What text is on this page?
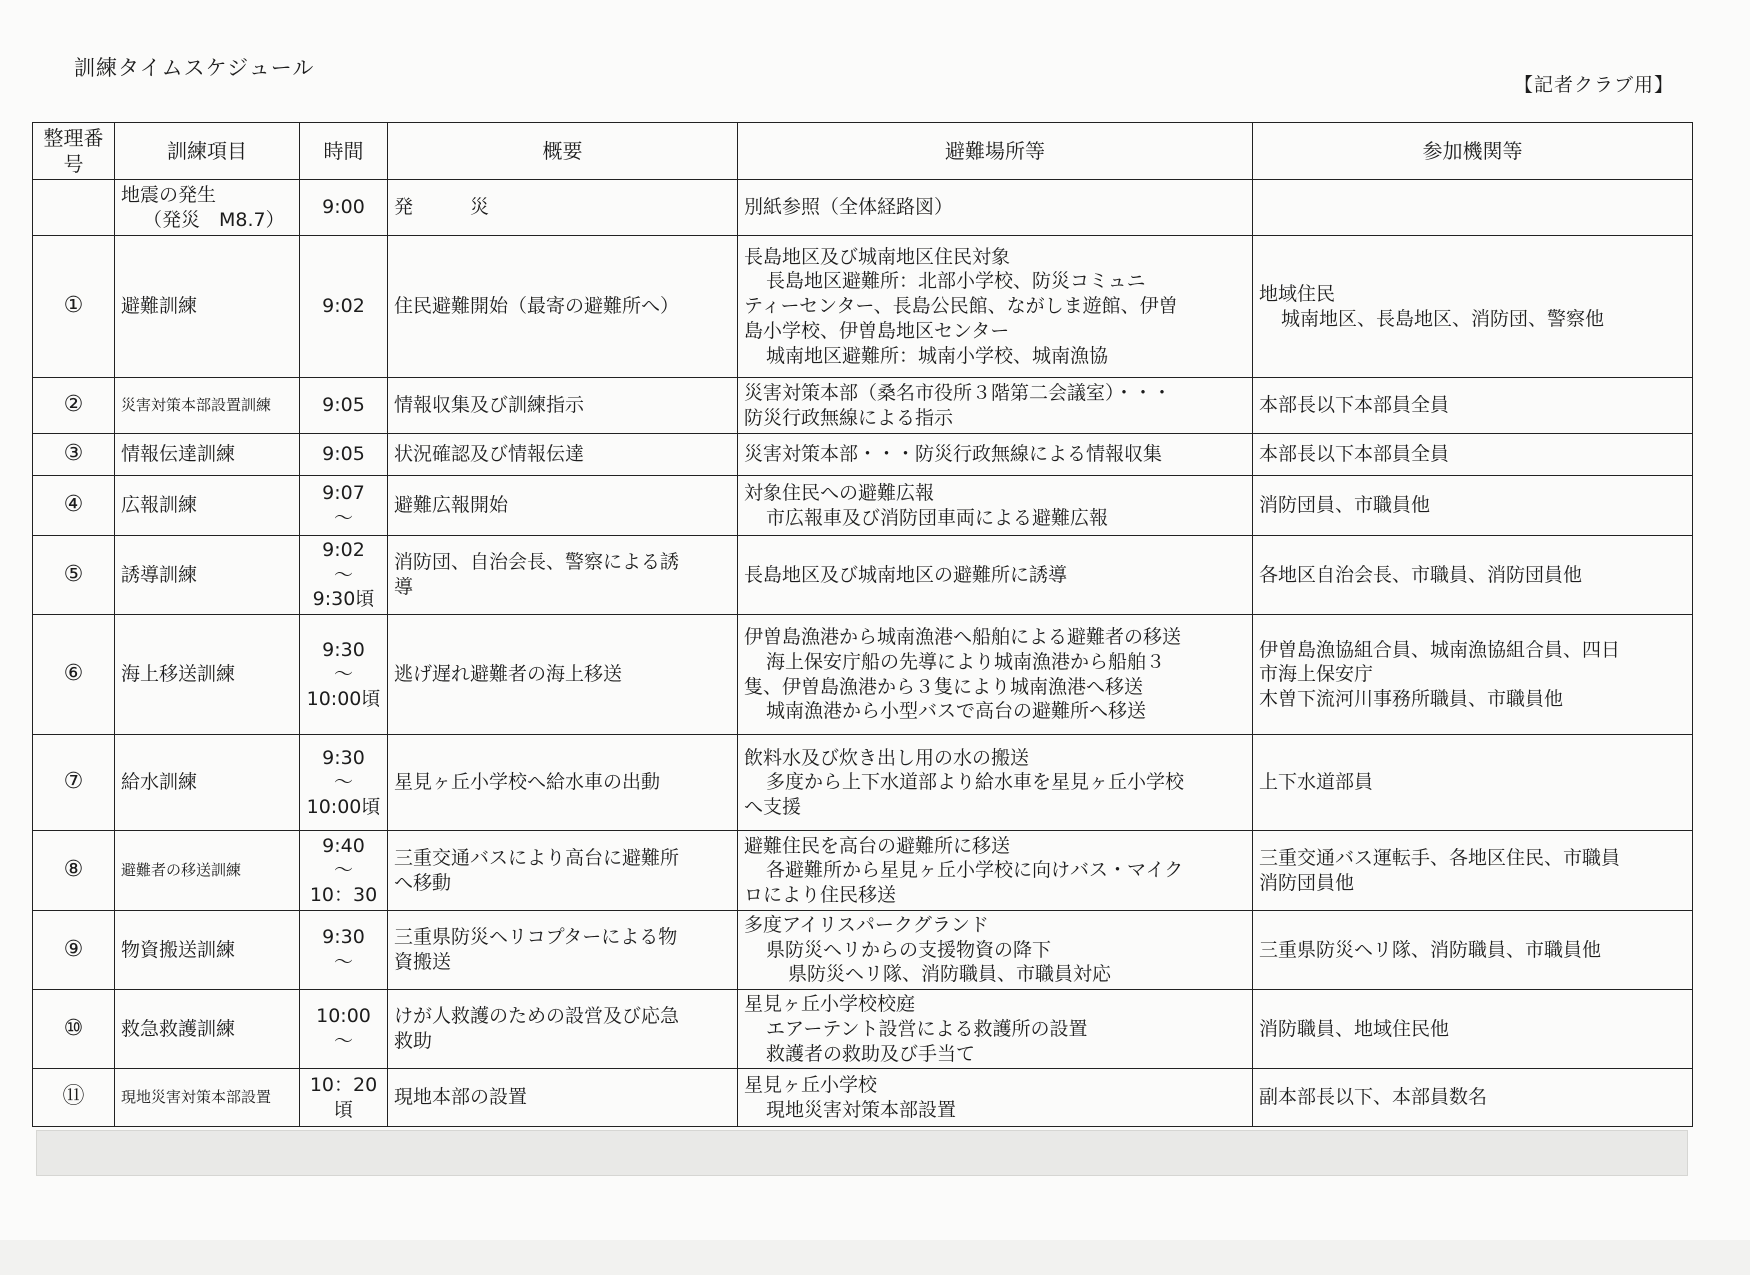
訓練タイムスケジュール
【記者クラブ用】
整理番号	訓練項目	時間	概要	避難場所等	参加機関等

	地震の発生
（発災　M8.7）	9:00	発　　　災	別紙参照（全体経路図）	
①	避難訓練	9:02	住民避難開始（最寄の避難所へ）	長島地区及び城南地区住民対象
長島地区避難所：北部小学校、防災コミュニ
ティーセンター、長島公民館、ながしま遊館、伊曽
島小学校、伊曽島地区センター
城南地区避難所：城南小学校、城南漁協	地域住民
城南地区、長島地区、消防団、警察他

②	災害対策本部設置訓練	9:05	情報収集及び訓練指示	災害対策本部（桑名市役所３階第二会議室）・・・
防災行政無線による指示	本部長以下本部員全員
③	情報伝達訓練	9:05	状況確認及び情報伝達	災害対策本部・・・防災行政無線による情報収集	本部長以下本部員全員
④	広報訓練	9:07
～	避難広報開始	対象住民への避難広報
市広報車及び消防団車両による避難広報	消防団員、市職員他
⑤	誘導訓練	9:02
～
9:30頃	消防団、自治会長、警察による誘
導	長島地区及び城南地区の避難所に誘導	各地区自治会長、市職員、消防団員他
⑥	海上移送訓練	9:30
～
10:00頃	逃げ遅れ避難者の海上移送	伊曽島漁港から城南漁港へ船舶による避難者の移送
海上保安庁船の先導により城南漁港から船舶３
隻、伊曽島漁港から３隻により城南漁港へ移送
城南漁港から小型バスで高台の避難所へ移送	伊曽島漁協組合員、城南漁協組合員、四日
市海上保安庁
木曽下流河川事務所職員、市職員他

⑦	給水訓練	9:30
～
10:00頃	星見ヶ丘小学校へ給水車の出動	飲料水及び炊き出し用の水の搬送
多度から上下水道部より給水車を星見ヶ丘小学校
へ支援	上下水道部員
⑧	避難者の移送訓練	9:40
～
10：30	三重交通バスにより高台に避難所
へ移動	避難住民を高台の避難所に移送
各避難所から星見ヶ丘小学校に向けバス・マイク
ロにより住民移送	三重交通バス運転手、各地区住民、市職員
消防団員他

⑨	物資搬送訓練	9:30
～	三重県防災ヘリコプターによる物
資搬送	多度アイリスパークグランド
県防災ヘリからの支援物資の降下
県防災ヘリ隊、消防職員、市職員対応	三重県防災ヘリ隊、消防職員、市職員他
⑩	救急救護訓練	10:00
～	けが人救護のための設営及び応急
救助	星見ヶ丘小学校校庭
エアーテント設営による救護所の設置
救護者の救助及び手当て	消防職員、地域住民他
⑪	現地災害対策本部設置	10：20
頃	現地本部の設置	星見ヶ丘小学校
現地災害対策本部設置	副本部長以下、本部員数名
